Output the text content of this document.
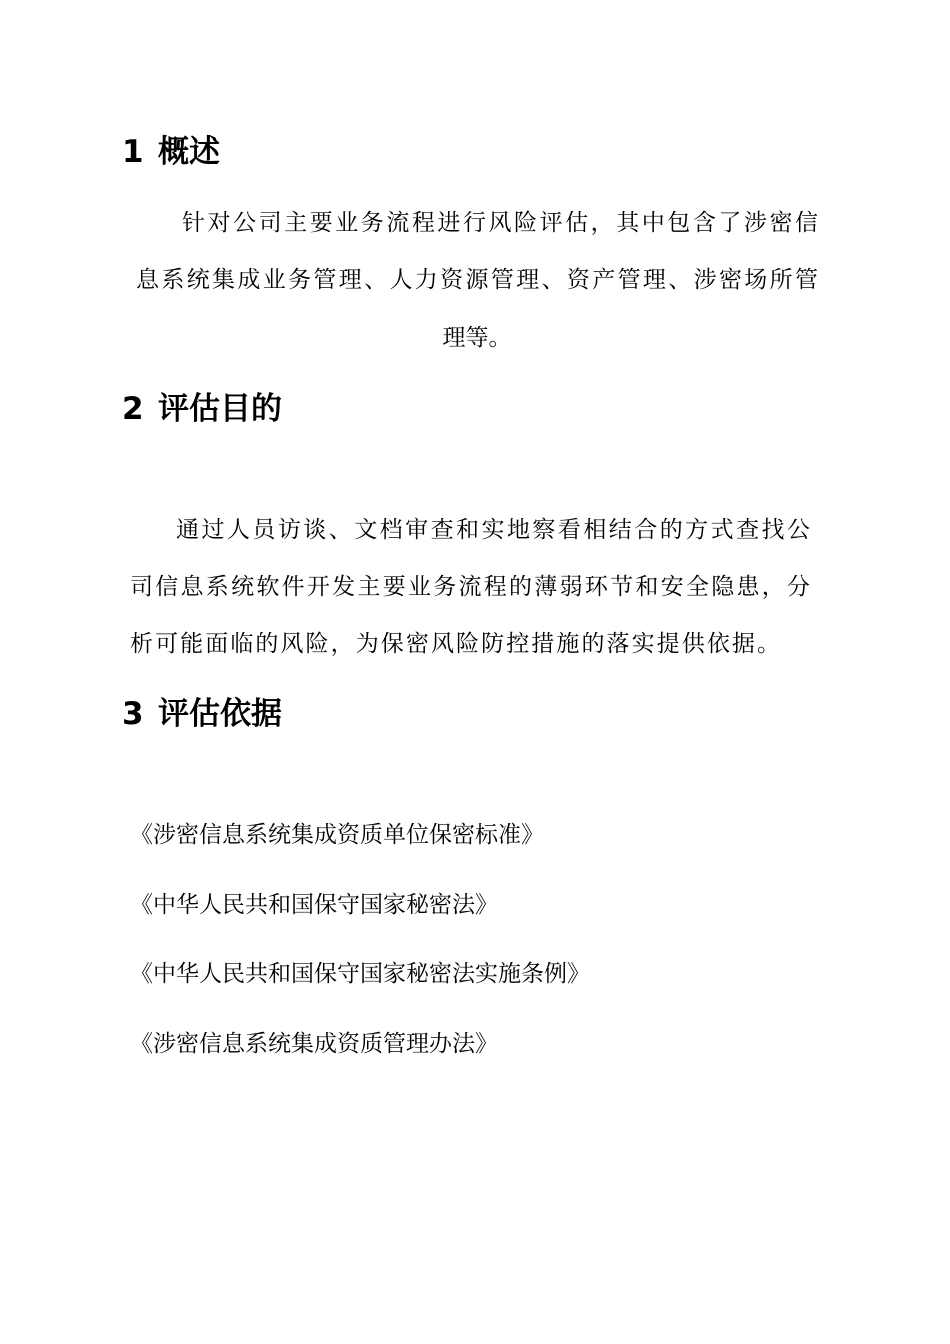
1 概述
针对公司主要业务流程进行风险评估，其中包含了涉密信
息系统集成业务管理、人力资源管理、资产管理、涉密场所管
理等。
2 评估目的
通过人员访谈、文档审查和实地察看相结合的方式查找公
司信息系统软件开发主要业务流程的薄弱环节和安全隐患，分
析可能面临的风险，为保密风险防控措施的落实提供依据。
3 评估依据
《涉密信息系统集成资质单位保密标准》
《中华人民共和国保守国家秘密法》
《中华人民共和国保守国家秘密法实施条例》
《涉密信息系统集成资质管理办法》
